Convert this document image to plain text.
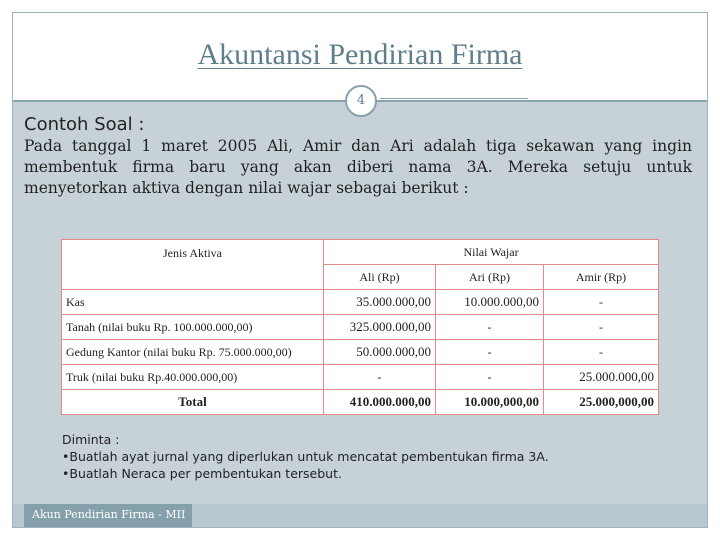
Akun Pendirian Firma - MII
Akuntansi Pendirian Firma
4
Contoh Soal :
Pada tanggal 1 maret 2005 Ali, Amir dan Ari adalah tiga sekawan yang ingin membentuk firma baru yang akan diberi nama 3A. Mereka setuju untuk menyetorkan aktiva dengan nilai wajar sebagai berikut :
Jenis Aktiva	Nilai Wajar		
	Ali (Rp)	Ari (Rp)	Amir (Rp)
Kas	35.000.000,00	10.000.000,00	-
Tanah (nilai buku Rp. 100.000.000,00)	325.000.000,00	-	-
Gedung Kantor (nilai buku Rp. 75.000.000,00)	50.000.000,00	-	-
Truk (nilai buku Rp.40.000.000,00)	-	-	25.000.000,00
Total	410.000.000,00	10.000,000,00	25.000,000,00
Diminta :
•Buatlah ayat jurnal yang diperlukan untuk mencatat pembentukan firma 3A.
•Buatlah Neraca per pembentukan tersebut.
